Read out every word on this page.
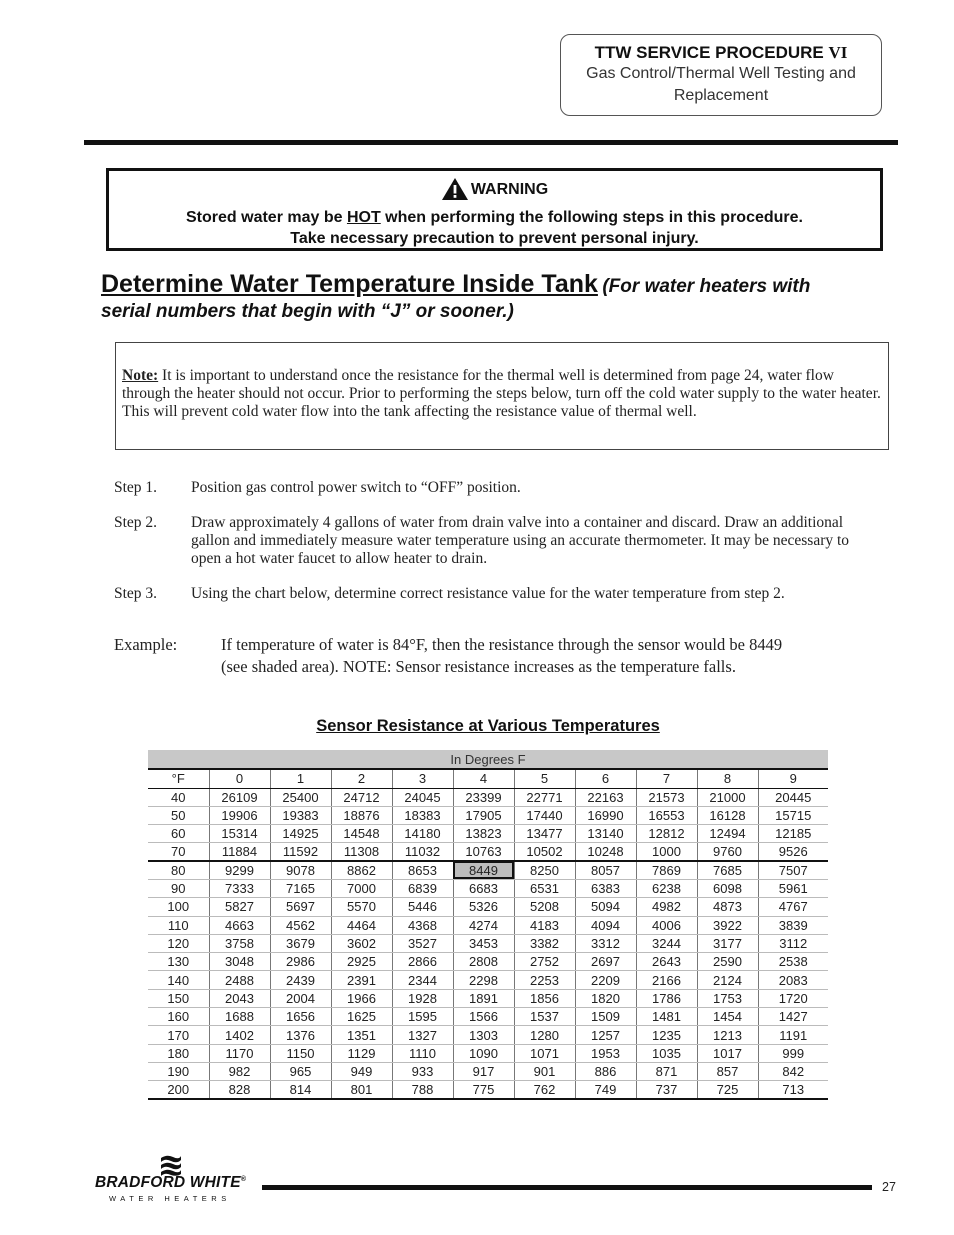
TTW SERVICE PROCEDURE VI
Gas Control/Thermal Well Testing and
Replacement
WARNING
Stored water may be HOT when performing the following steps in this procedure.
Take necessary precaution to prevent personal injury.
Determine Water Temperature Inside Tank (For water heaters with
serial numbers that begin with “J” or sooner.)
Note: It is important to understand once the resistance for the thermal well is determined from page 24, water flow through the heater should not occur. Prior to performing the steps below, turn off the cold water supply to the water heater. This will prevent cold water flow into the tank affecting the resistance value of thermal well.
Step 1.	Position gas control power switch to “OFF” position.
Step 2.	Draw approximately 4 gallons of water from drain valve into a container and discard. Draw an additional gallon and immediately measure water temperature using an accurate thermometer. It may be necessary to open a hot water faucet to allow heater to drain.
Step 3.	Using the chart below, determine correct resistance value for the water temperature from step 2.
Example:	If temperature of water is 84°F, then the resistance through the sensor would be 8449 (see shaded area). NOTE: Sensor resistance increases as the temperature falls.
Sensor Resistance at Various Temperatures
In Degrees F										
°F	0	1	2	3	4	5	6	7	8	9
40	26109	25400	24712	24045	23399	22771	22163	21573	21000	20445
50	19906	19383	18876	18383	17905	17440	16990	16553	16128	15715
60	15314	14925	14548	14180	13823	13477	13140	12812	12494	12185
70	11884	11592	11308	11032	10763	10502	10248	1000	9760	9526
80	9299	9078	8862	8653	8449	8250	8057	7869	7685	7507
90	7333	7165	7000	6839	6683	6531	6383	6238	6098	5961
100	5827	5697	5570	5446	5326	5208	5094	4982	4873	4767
110	4663	4562	4464	4368	4274	4183	4094	4006	3922	3839
120	3758	3679	3602	3527	3453	3382	3312	3244	3177	3112
130	3048	2986	2925	2866	2808	2752	2697	2643	2590	2538
140	2488	2439	2391	2344	2298	2253	2209	2166	2124	2083
150	2043	2004	1966	1928	1891	1856	1820	1786	1753	1720
160	1688	1656	1625	1595	1566	1537	1509	1481	1454	1427
170	1402	1376	1351	1327	1303	1280	1257	1235	1213	1191
180	1170	1150	1129	1110	1090	1071	1953	1035	1017	999
190	982	965	949	933	917	901	886	871	857	842
200	828	814	801	788	775	762	749	737	725	713
BRADFORD WHITE®
WATER HEATERS
27
